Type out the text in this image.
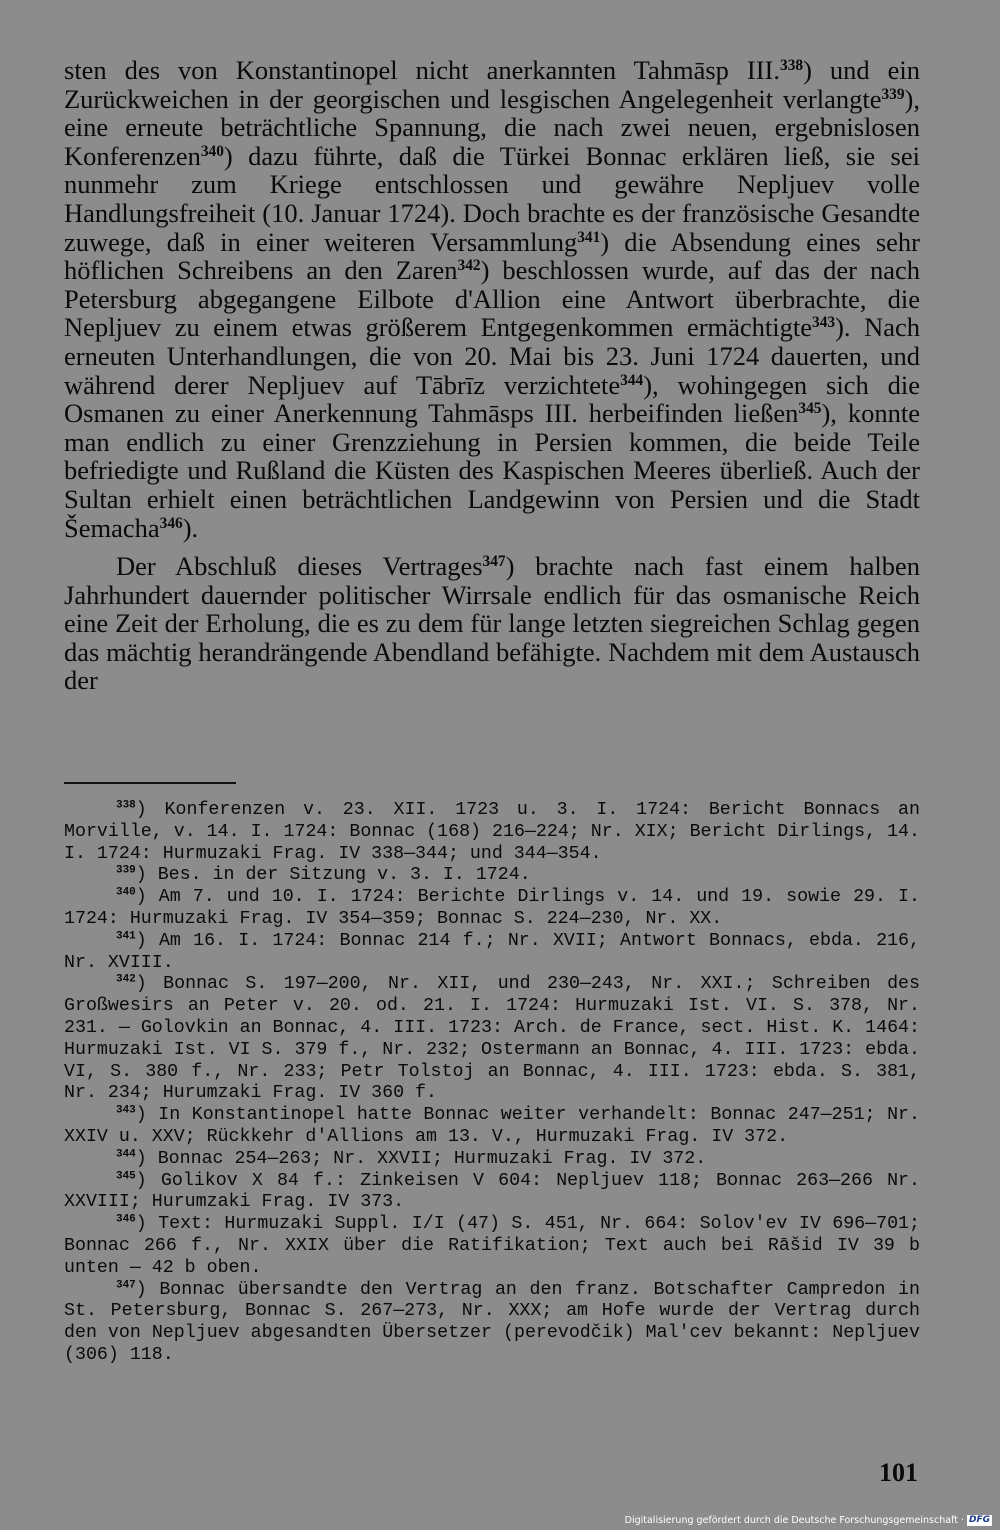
sten des von Konstantinopel nicht anerkannten Tahmāsp III.$^{338}$) und ein Zurückweichen in der georgischen und lesgischen Angelegenheit verlangte$^{339}$), eine erneute beträchtliche Spannung, die nach zwei neuen, ergebnislosen Konferenzen$^{340}$) dazu führte, daß die Türkei Bonnac erklären ließ, sie sei nunmehr zum Kriege entschlossen und gewähre Nepljuev volle Handlungsfreiheit (10. Januar 1724). Doch brachte es der französische Gesandte zuwege, daß in einer weiteren Versammlung$^{341}$) die Absendung eines sehr höflichen Schreibens an den Zaren$^{342}$) beschlossen wurde, auf das der nach Petersburg abgegangene Eilbote d'Allion eine Antwort überbrachte, die Nepljuev zu einem etwas größerem Entgegenkommen ermächtigte$^{343}$). Nach erneuten Unterhandlungen, die von 20. Mai bis 23. Juni 1724 dauerten, und während derer Nepljuev auf Tābrīz verzichtete$^{344}$), wohingegen sich die Osmanen zu einer Anerkennung Tahmāsps III. herbeifinden ließen$^{345}$), konnte man endlich zu einer Grenzziehung in Persien kommen, die beide Teile befriedigte und Rußland die Küsten des Kaspischen Meeres überließ. Auch der Sultan erhielt einen beträchtlichen Landgewinn von Persien und die Stadt Šemacha$^{346}$).

Der Abschluß dieses Vertrages$^{347}$) brachte nach fast einem halben Jahrhundert dauernder politischer Wirrsale endlich für das osmanische Reich eine Zeit der Erholung, die es zu dem für lange letzten siegreichen Schlag gegen das mächtig herandrängende Abendland befähigte. Nachdem mit dem Austausch der

$^{338}$) Konferenzen v. 23. XII. 1723 u. 3. I. 1724: Bericht Bonnacs an Morville, v. 14. I. 1724: Bonnac (168) 216—224; Nr. XIX; Bericht Dirlings, 14. I. 1724: Hurmuzaki Frag. IV 338—344; und 344—354.

$^{339}$) Bes. in der Sitzung v. 3. I. 1724.

$^{340}$) Am 7. und 10. I. 1724: Berichte Dirlings v. 14. und 19. sowie 29. I. 1724: Hurmuzaki Frag. IV 354—359; Bonnac S. 224—230, Nr. XX.

$^{341}$) Am 16. I. 1724: Bonnac 214 f.; Nr. XVII; Antwort Bonnacs, ebda. 216, Nr. XVIII.

$^{342}$) Bonnac S. 197—200, Nr. XII, und 230—243, Nr. XXI.; Schreiben des Großwesirs an Peter v. 20. od. 21. I. 1724: Hurmuzaki Ist. VI. S. 378, Nr. 231. — Golovkin an Bonnac, 4. III. 1723: Arch. de France, sect. Hist. K. 1464: Hurmuzaki Ist. VI S. 379 f., Nr. 232; Ostermann an Bonnac, 4. III. 1723: ebda. VI, S. 380 f., Nr. 233; Petr Tolstoj an Bonnac, 4. III. 1723: ebda. S. 381, Nr. 234; Hurumzaki Frag. IV 360 f.

$^{343}$) In Konstantinopel hatte Bonnac weiter verhandelt: Bonnac 247—251; Nr. XXIV u. XXV; Rückkehr d'Allions am 13. V., Hurmuzaki Frag. IV 372.

$^{344}$) Bonnac 254—263; Nr. XXVII; Hurmuzaki Frag. IV 372.

$^{345}$) Golikov X 84 f.: Zinkeisen V 604: Nepljuev 118; Bonnac 263—266 Nr. XXVIII; Hurumzaki Frag. IV 373.

$^{346}$) Text: Hurmuzaki Suppl. I/I (47) S. 451, Nr. 664: Solov'ev IV 696—701; Bonnac 266 f., Nr. XXIX über die Ratifikation; Text auch bei Rāšid IV 39 b unten — 42 b oben.

$^{347}$) Bonnac übersandte den Vertrag an den franz. Botschafter Campredon in St. Petersburg, Bonnac S. 267—273, Nr. XXX; am Hofe wurde der Vertrag durch den von Nepljuev abgesandten Übersetzer (perevodčik) Mal'cev bekannt: Nepljuev (306) 118.

101
Digitalisierung gefördert durch die Deutsche Forschungsgemeinschaft · DFG
